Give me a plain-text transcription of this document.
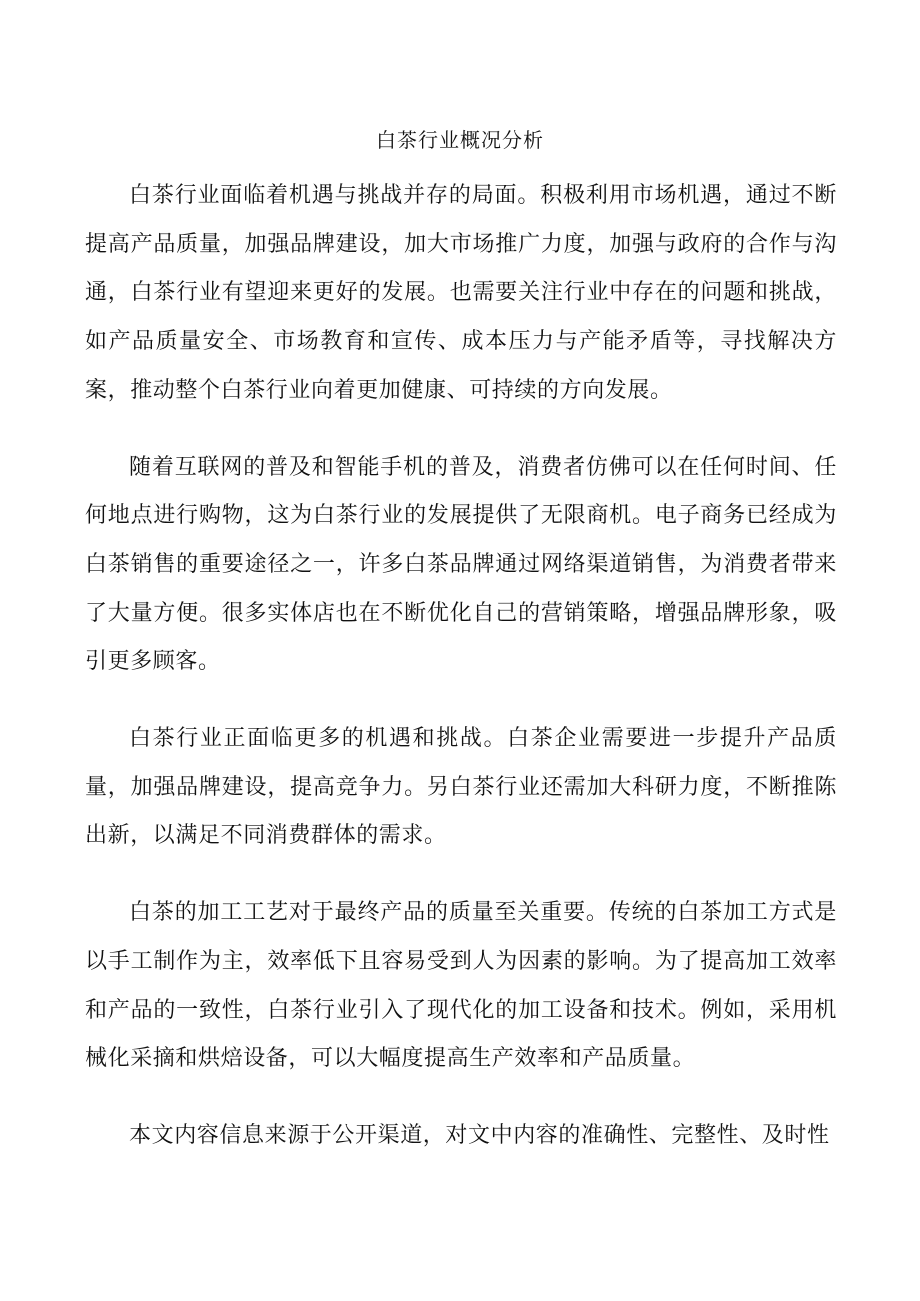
白茶行业概况分析

白茶行业面临着机遇与挑战并存的局面。积极利用市场机遇，通过不断提高产品质量，加强品牌建设，加大市场推广力度，加强与政府的合作与沟通，白茶行业有望迎来更好的发展。也需要关注行业中存在的问题和挑战，如产品质量安全、市场教育和宣传、成本压力与产能矛盾等，寻找解决方案，推动整个白茶行业向着更加健康、可持续的方向发展。

随着互联网的普及和智能手机的普及，消费者仿佛可以在任何时间、任何地点进行购物，这为白茶行业的发展提供了无限商机。电子商务已经成为白茶销售的重要途径之一，许多白茶品牌通过网络渠道销售，为消费者带来了大量方便。很多实体店也在不断优化自己的营销策略，增强品牌形象，吸引更多顾客。

白茶行业正面临更多的机遇和挑战。白茶企业需要进一步提升产品质量，加强品牌建设，提高竞争力。另白茶行业还需加大科研力度，不断推陈出新，以满足不同消费群体的需求。

白茶的加工工艺对于最终产品的质量至关重要。传统的白茶加工方式是以手工制作为主，效率低下且容易受到人为因素的影响。为了提高加工效率和产品的一致性，白茶行业引入了现代化的加工设备和技术。例如，采用机械化采摘和烘焙设备，可以大幅度提高生产效率和产品质量。

本文内容信息来源于公开渠道，对文中内容的准确性、完整性、及时性
